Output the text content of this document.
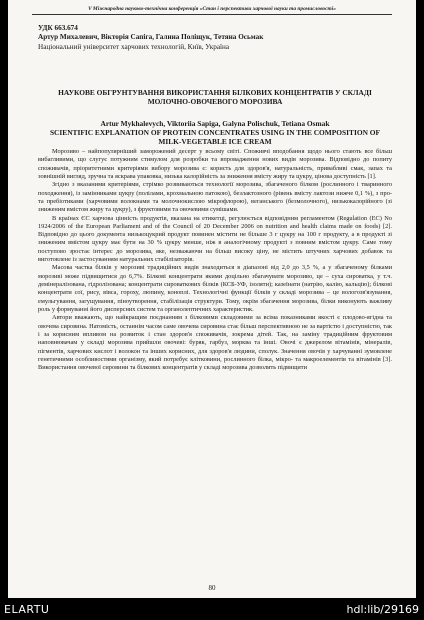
V Міжнародна науково-технічна конференція «Стан і перспективи харчової науки та промисловості»
УДК 663.674
Артур Михалевич, Вікторія Сапіга, Галина Поліщук, Тетяна Осьмак
Національний університет харчових технологій, Київ, Україна
НАУКОВЕ ОБГРУНТУВАННЯ ВИКОРИСТАННЯ БІЛКОВИХ КОНЦЕНТРАТІВ У СКЛАДІ МОЛОЧНО-ОВОЧЕВОГО МОРОЗИВА
Artur Mykhalevych, Viktoriia Sapiga, Galyna Polischuk, Tetiana Osmak
SCIENTIFIC EXPLANATION OF PROTEIN CONCENTRATES USING IN THE COMPOSITION OF MILK-VEGETABLE ICE CREAM

Морозиво – найпопулярніший заморожений десерт у всьому світі. Споживчі вподобання щодо нього стають все більш вибагливими, що слугує потужним стимулом для розробки та впровадження нових видів морозива. Відповідно до попиту споживачів, пріоритетними критеріями вибору морозива є: користь для здоров'я, натуральність, привабливі смак, запах та зовнішній вигляд, зручна та яскрава упаковка, низька калорійність за зниження вмісту жиру та цукру, цінова доступність [1].

Згідно з вказаними критеріями, стрімко розвиваються технології морозива, збагаченого білком (рослинного і тваринного походження), із замінниками цукру (полілами, крохмальною патокою), безлактозного (рівень вмісту лактози нижче 0,1 %), з про- та пребіотиками (харчовими волокнами та молочнокислою мікрофлорою), веганського (безмолочного), низькокалорійного (зі зниженим вмістом жиру та цукру), з фруктовими та овочевими сумішами.

В країнах ЄС харчова цінність продуктів, вказана на етикетці, регулюється відповідним регламентом (Regulation (EC) No 1924/2006 of the European Parliament and of the Council of 20 December 2006 on nutrition and health claims made on foods) [2]. Відповідно до цього документа низькоцукрий продукт повинен містити не більше 3 г цукру на 100 г продукту, а в продукті зі зниженим вмістом цукру має бути на 30 % цукру менше, ніж в аналогічному продукті з повним вмістом цукру. Саме тому поступово зростає інтерес до морозива, яке, незважаючи на більш високу ціну, не містить штучних харчових добавок та виготовлене із застосуванням натуральних стабілізаторів.

Масова частка білків у морозиві традиційних видів знаходиться в діапазоні від 2,0 до 3,5 %, а у збагаченому білками морозиві може підвищитися до 6,7%. Білкові концентрати якими доцільно збагачувати морозиво, це – суха сироватка, у т.ч. демінералізована, гідролізована; концентрати сироваткових білків (КСБ-УФ, ізоляти); казеїнати (натрію, калію, кальцію); білкові концентрати сої, рису, вівса, гороху, люпину, коноплі. Технологічні функції білків у складі морозива – це вологозв'язування, емульгування, загущування, піноутворення, стабілізація структури. Тому, окрім збагачення морозива, білки виконують важливу роль у формуванні його дисперсних систем та органолептичних характеристик.

Автори вважають, що найкращим поєднанням з білковими складовими за всіма показниками якості є плодово-ягідна та овочева сировина. Натомість, останнім часом саме овочева сировина стає більш перспективною не за вартістю і доступністю, так і за корисним впливом на розвиток і стан здоров'я споживачів, зокрема дітей. Так, на заміну традиційним фруктовим наповнювачам у складі морозива прийшли овочеві: буряк, гарбуз, морква та інші. Овочі є джерелом вітамінів, мінералів, пігментів, харчових кислот і волокон та інших корисних, для здоров'я людини, сполук. Значення овочів у харчуванні зумовлене генетичними особливостями організму, який потребує клітковини, рослинного білка, мікро- та макроелементів та вітамінів [3]. Використання овочевої сировини та білкових концентратів у складі морозива дозволить підвищити

80
ELARTU	hdl:lib/29169
